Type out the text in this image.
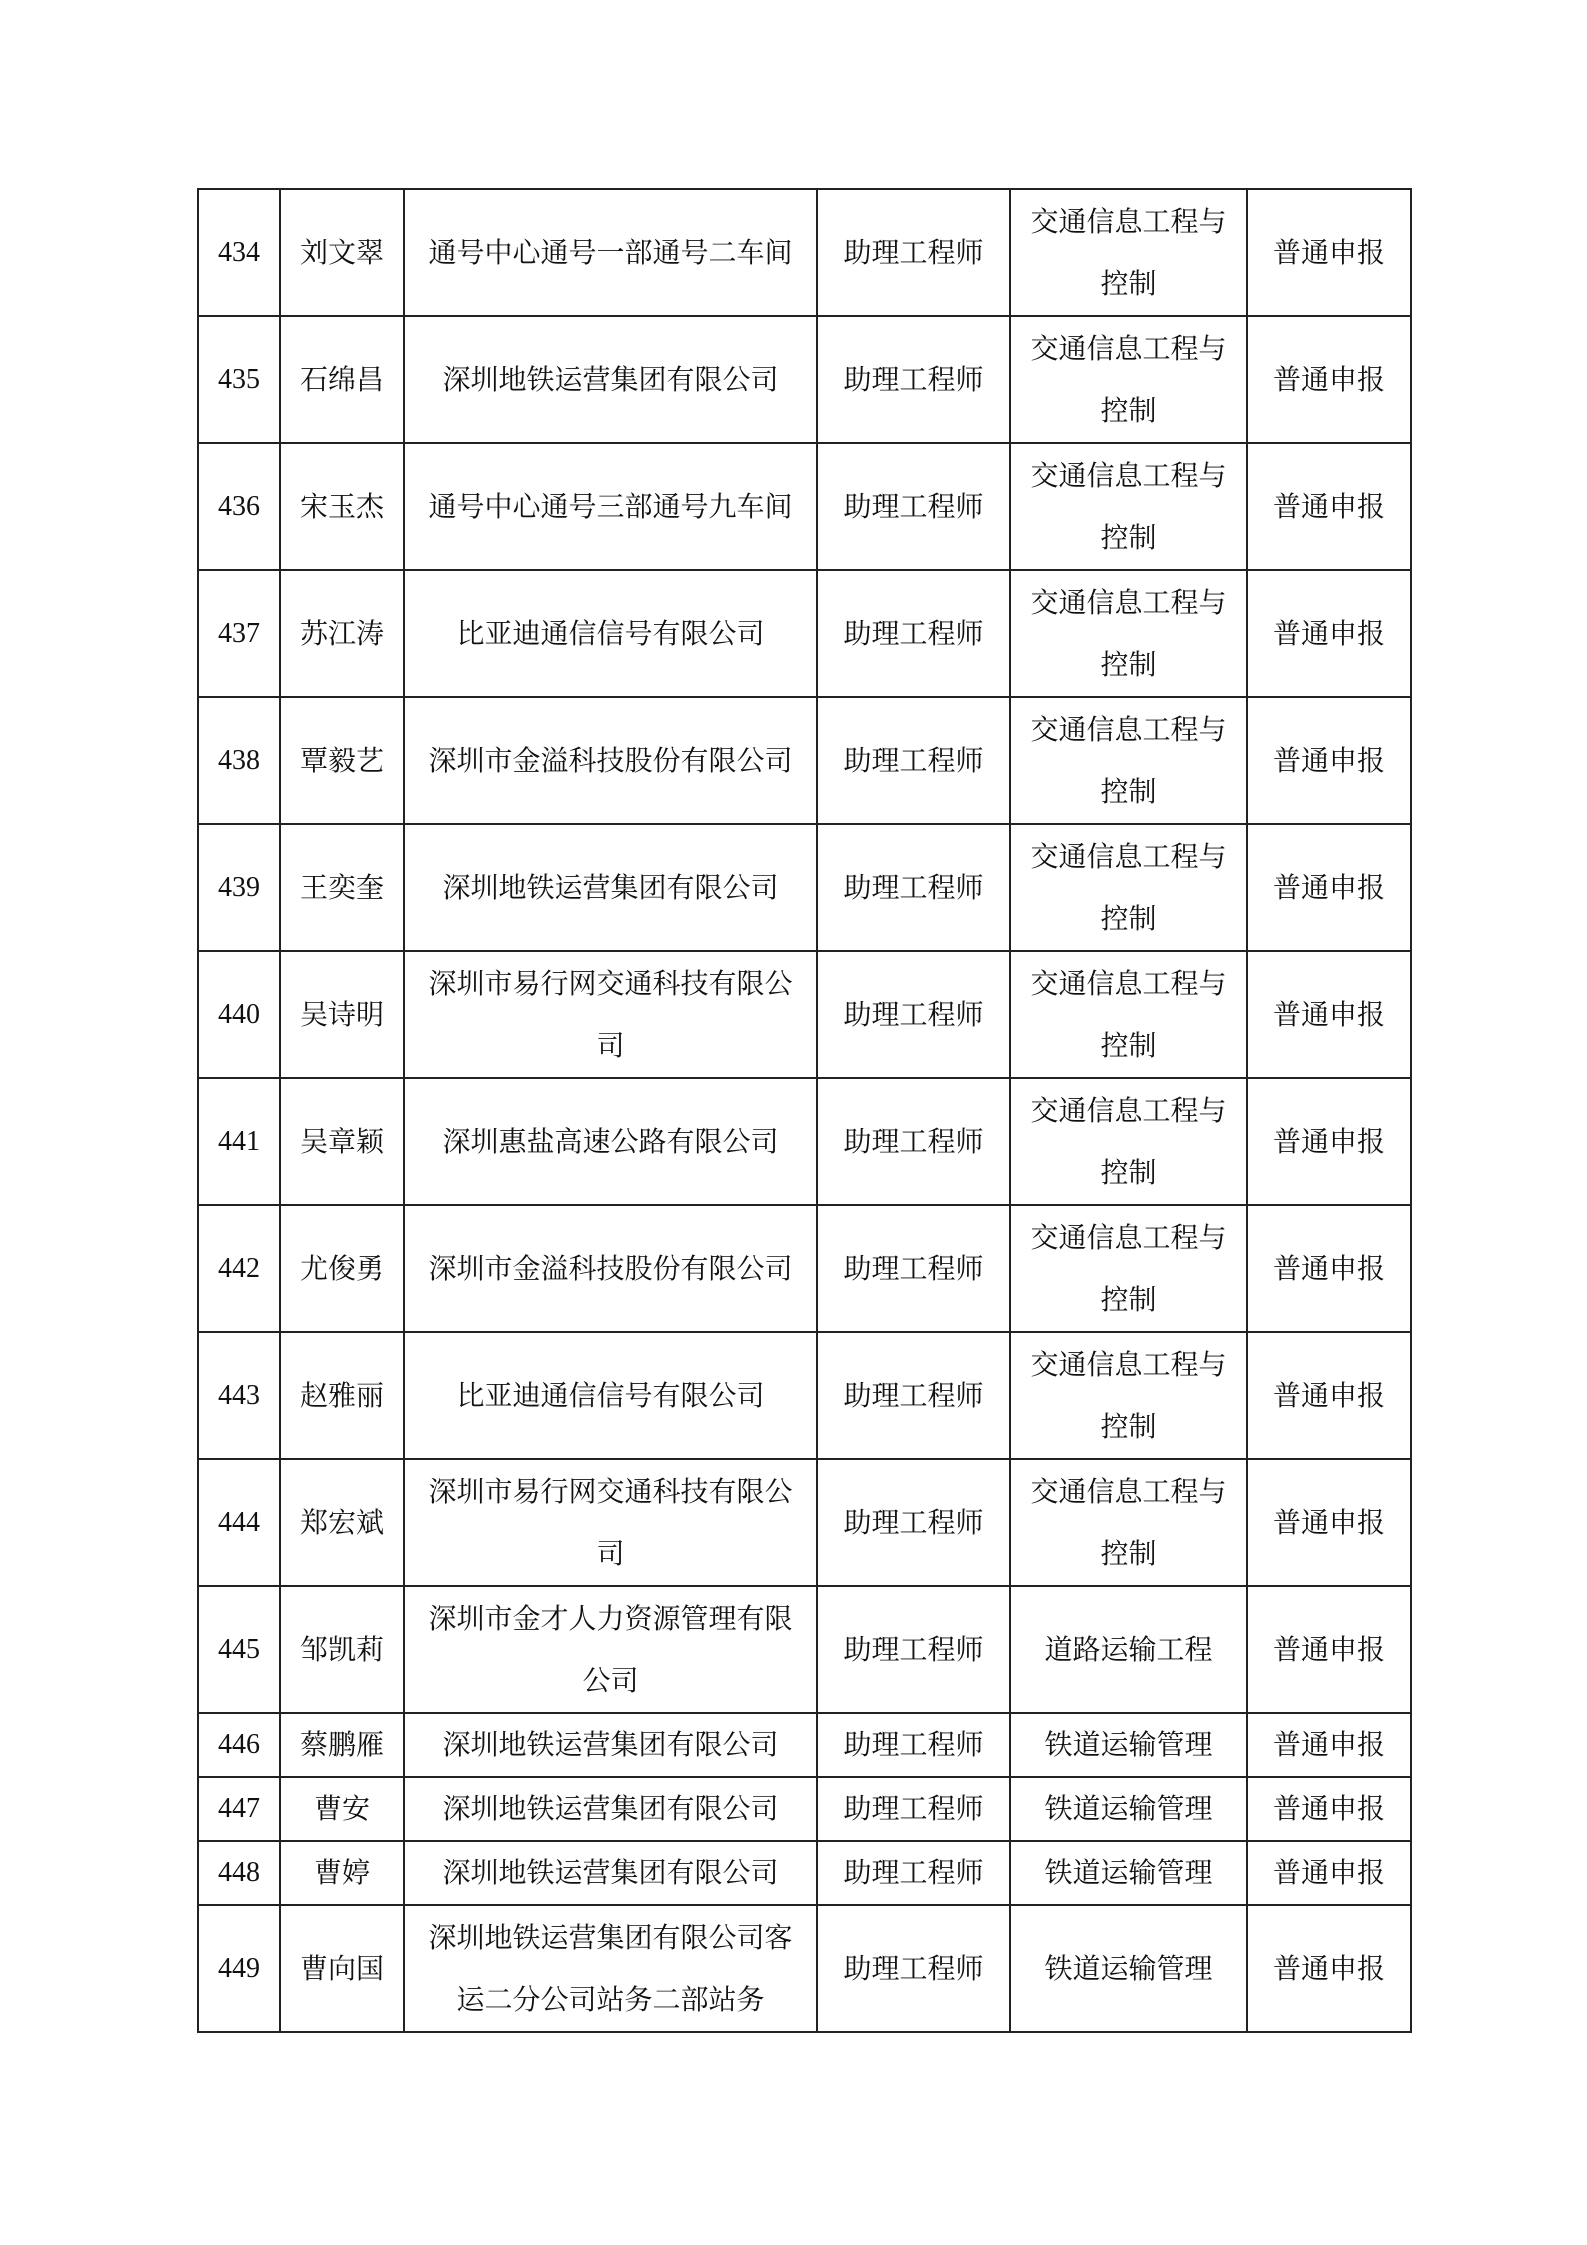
434	刘文翠	通号中心通号一部通号二车间	助理工程师	交通信息工程与控制	普通申报
435	石绵昌	深圳地铁运营集团有限公司	助理工程师	交通信息工程与控制	普通申报
436	宋玉杰	通号中心通号三部通号九车间	助理工程师	交通信息工程与控制	普通申报
437	苏江涛	比亚迪通信信号有限公司	助理工程师	交通信息工程与控制	普通申报
438	覃毅艺	深圳市金溢科技股份有限公司	助理工程师	交通信息工程与控制	普通申报
439	王奕奎	深圳地铁运营集团有限公司	助理工程师	交通信息工程与控制	普通申报
440	吴诗明	深圳市易行网交通科技有限公司	助理工程师	交通信息工程与控制	普通申报
441	吴章颖	深圳惠盐高速公路有限公司	助理工程师	交通信息工程与控制	普通申报
442	尤俊勇	深圳市金溢科技股份有限公司	助理工程师	交通信息工程与控制	普通申报
443	赵雅丽	比亚迪通信信号有限公司	助理工程师	交通信息工程与控制	普通申报
444	郑宏斌	深圳市易行网交通科技有限公司	助理工程师	交通信息工程与控制	普通申报
445	邹凯莉	深圳市金才人力资源管理有限公司	助理工程师	道路运输工程	普通申报
446	蔡鹏雁	深圳地铁运营集团有限公司	助理工程师	铁道运输管理	普通申报
447	曹安	深圳地铁运营集团有限公司	助理工程师	铁道运输管理	普通申报
448	曹婷	深圳地铁运营集团有限公司	助理工程师	铁道运输管理	普通申报
449	曹向国	深圳地铁运营集团有限公司客运二分公司站务二部站务	助理工程师	铁道运输管理	普通申报
